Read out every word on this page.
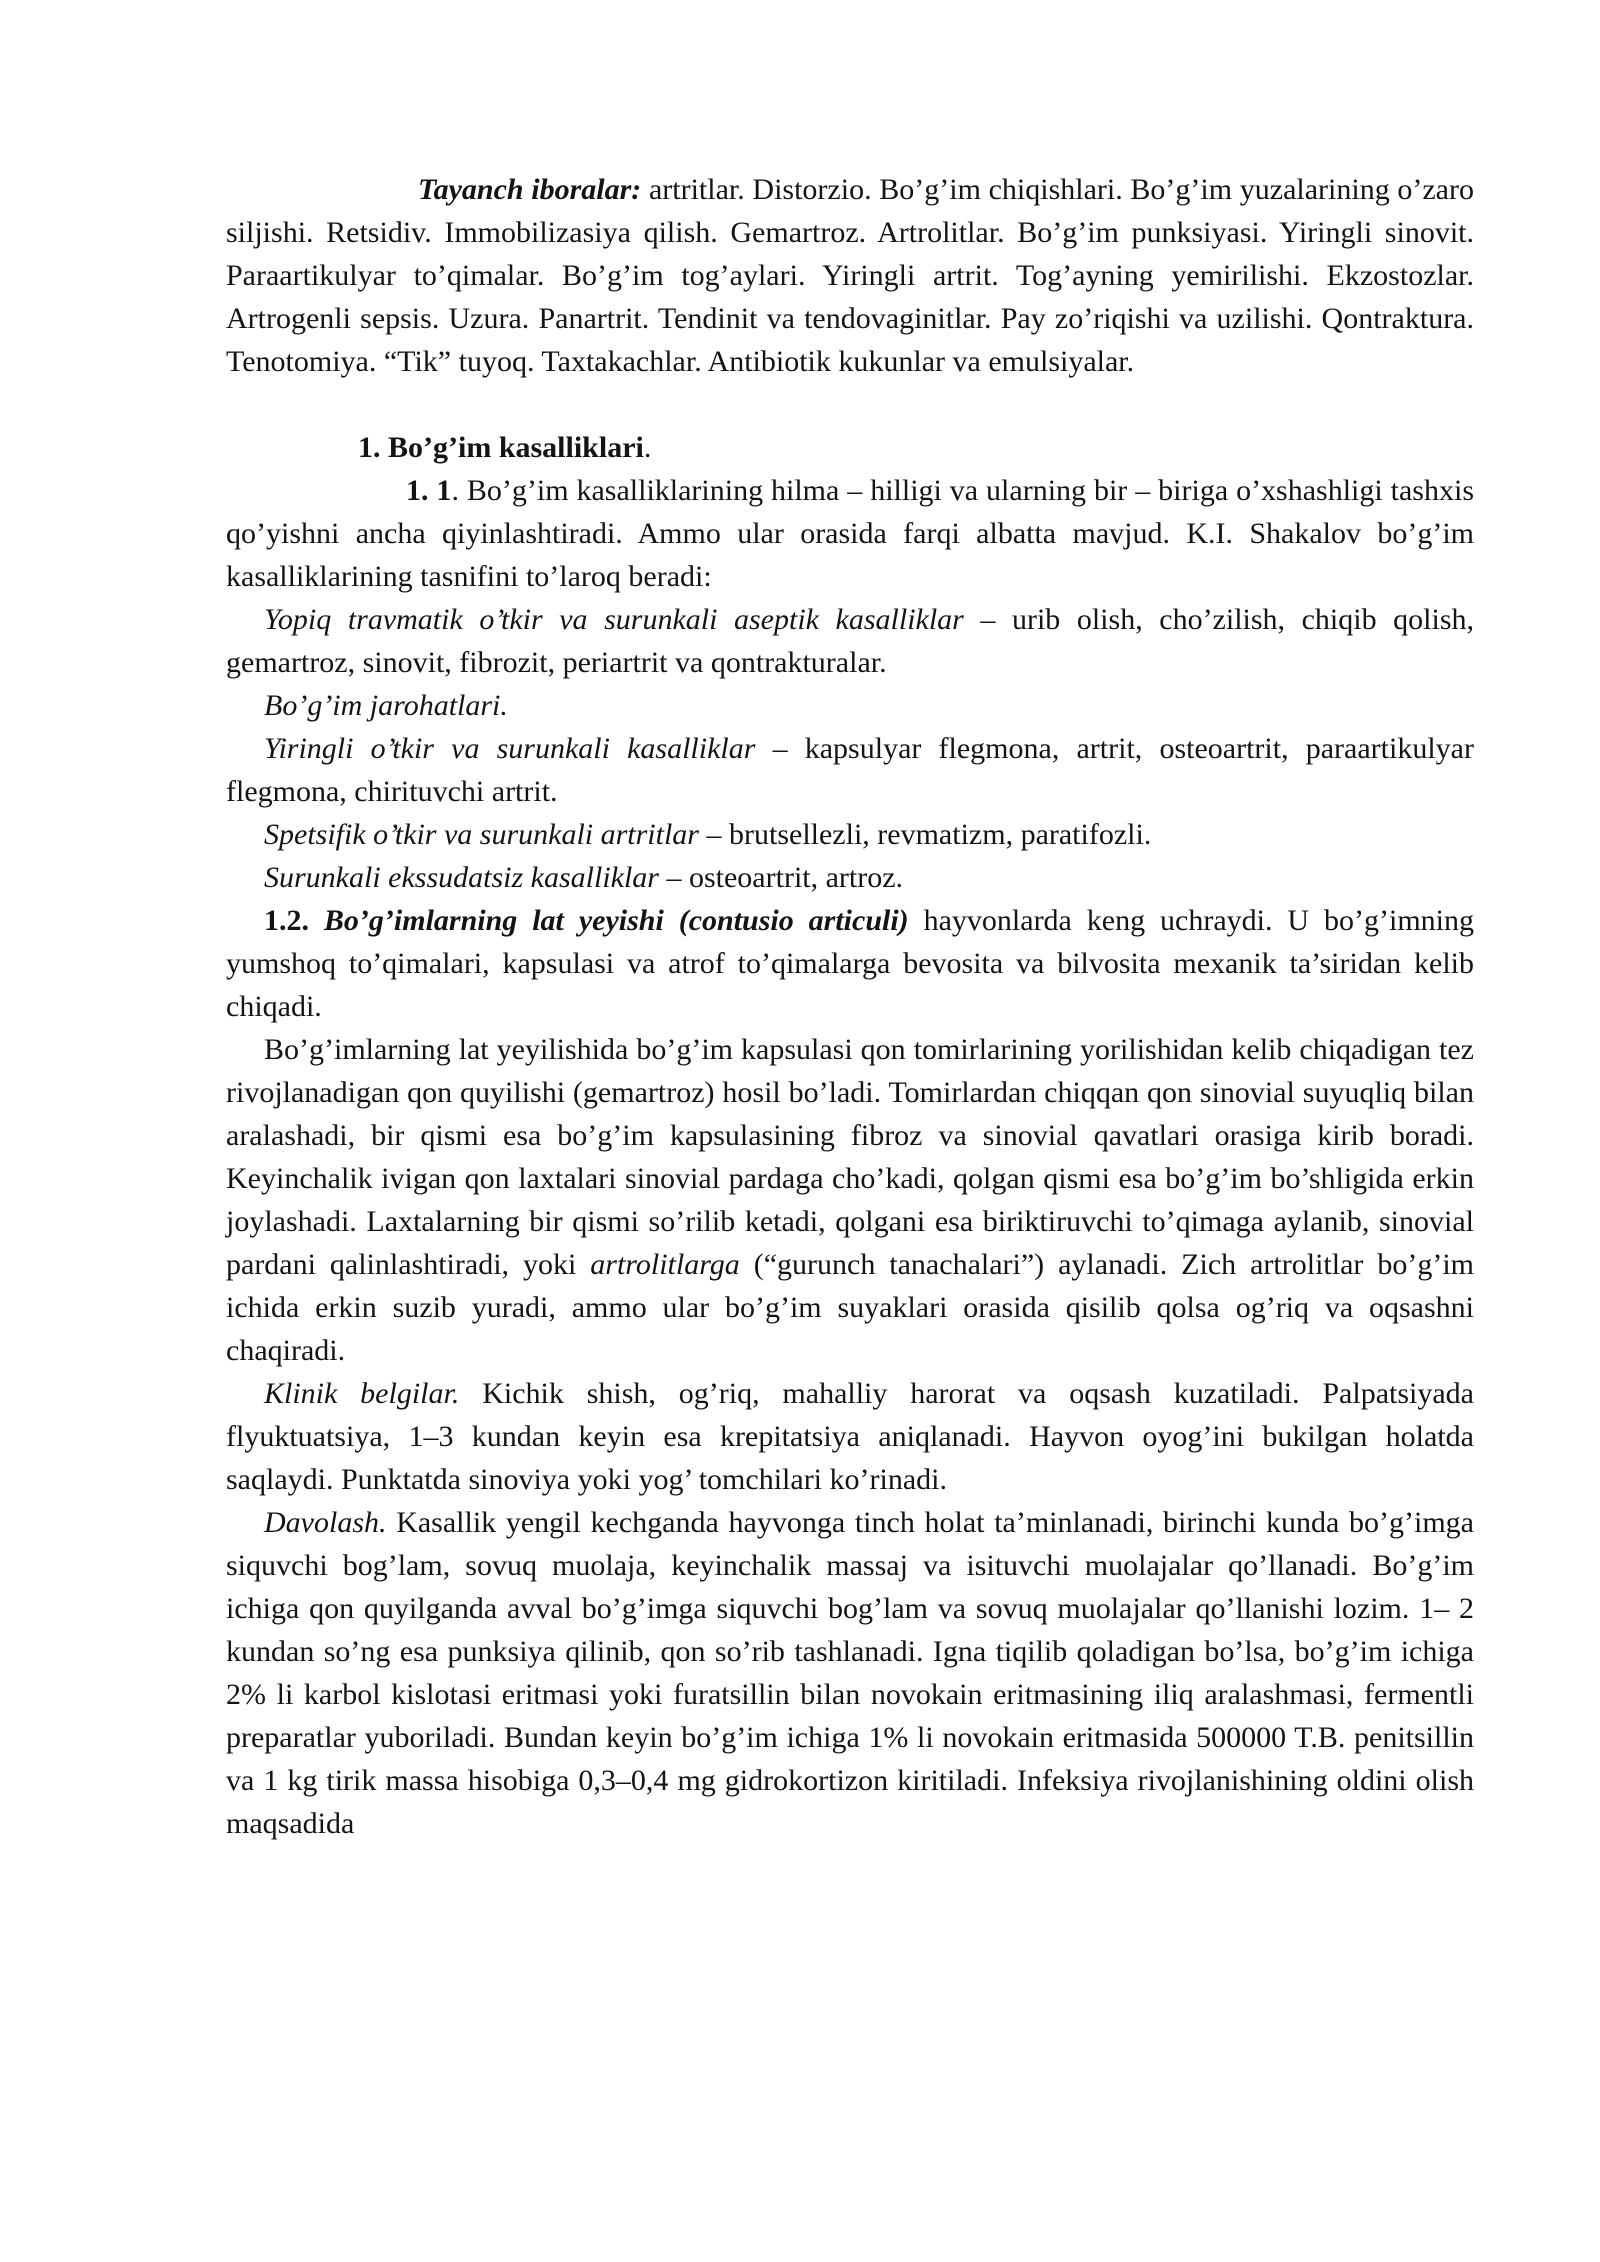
Tayanch iboralar: artritlar. Distorzio. Bo’g’im chiqishlari. Bo’g’im yuzalarining o’zaro siljishi. Retsidiv. Immobilizasiya qilish. Gemartroz. Artrolitlar. Bo’g’im punksiyasi. Yiringli sinovit. Paraartikulyar to’qimalar. Bo’g’im tog’aylari. Yiringli artrit. Tog’ayning yemirilishi. Ekzostozlar. Artrogenli sepsis. Uzura. Panartrit. Tendinit va tendovaginitlar. Pay zo’riqishi va uzilishi. Qontraktura. Tenotomiya. “Tik” tuyoq. Taxtakachlar. Antibiotik kukunlar va emulsiyalar.

1. Bo’g’im kasalliklari.

1. 1. Bo’g’im kasalliklarining hilma – hilligi va ularning bir – biriga o’xshashligi tashxis qo’yishni ancha qiyinlashtiradi. Ammo ular orasida farqi albatta mavjud. K.I. Shakalov bo’g’im kasalliklarining tasnifini to’laroq beradi:

Yopiq travmatik o’tkir va surunkali aseptik kasalliklar – urib olish, cho’zilish, chiqib qolish, gemartroz, sinovit, fibrozit, periartrit va qontrakturalar.

Bo’g’im jarohatlari.

Yiringli o’tkir va surunkali kasalliklar – kapsulyar flegmona, artrit, osteoartrit, paraartikulyar flegmona, chirituvchi artrit.

Spetsifik o’tkir va surunkali artritlar – brutsellezli, revmatizm, paratifozli.

Surunkali ekssudatsiz kasalliklar – osteoartrit, artroz.

1.2. Bo’g’imlarning lat yeyishi (contusio articuli) hayvonlarda keng uchraydi. U bo’g’imning yumshoq to’qimalari, kapsulasi va atrof to’qimalarga bevosita va bilvosita mexanik ta’siridan kelib chiqadi.

Bo’g’imlarning lat yeyilishida bo’g’im kapsulasi qon tomirlarining yorilishidan kelib chiqadigan tez rivojlanadigan qon quyilishi (gemartroz) hosil bo’ladi. Tomirlardan chiqqan qon sinovial suyuqliq bilan aralashadi, bir qismi esa bo’g’im kapsulasining fibroz va sinovial qavatlari orasiga kirib boradi. Keyinchalik ivigan qon laxtalari sinovial pardaga cho’kadi, qolgan qismi esa bo’g’im bo’shligida erkin joylashadi. Laxtalarning bir qismi so’rilib ketadi, qolgani esa biriktiruvchi to’qimaga aylanib, sinovial pardani qalinlashtiradi, yoki artrolitlarga (“gurunch tanachalari”) aylanadi. Zich artrolitlar bo’g’im ichida erkin suzib yuradi, ammo ular bo’g’im suyaklari orasida qisilib qolsa og’riq va oqsashni chaqiradi.

Klinik belgilar. Kichik shish, og’riq, mahalliy harorat va oqsash kuzatiladi. Palpatsiyada flyuktuatsiya, 1–3 kundan keyin esa krepitatsiya aniqlanadi. Hayvon oyog’ini bukilgan holatda saqlaydi. Punktatda sinoviya yoki yog’ tomchilari ko’rinadi.

Davolash. Kasallik yengil kechganda hayvonga tinch holat ta’minlanadi, birinchi kunda bo’g’imga siquvchi bog’lam, sovuq muolaja, keyinchalik massaj va isituvchi muolajalar qo’llanadi. Bo’g’im ichiga qon quyilganda avval bo’g’imga siquvchi bog’lam va sovuq muolajalar qo’llanishi lozim. 1– 2 kundan so’ng esa punksiya qilinib, qon so’rib tashlanadi. Igna tiqilib qoladigan bo’lsa, bo’g’im ichiga 2% li karbol kislotasi eritmasi yoki furatsillin bilan novokain eritmasining iliq aralashmasi, fermentli preparatlar yuboriladi. Bundan keyin bo’g’im ichiga 1% li novokain eritmasida 500000 T.B. penitsillin va 1 kg tirik massa hisobiga 0,3–0,4 mg gidrokortizon kiritiladi. Infeksiya rivojlanishining oldini olish maqsadida
